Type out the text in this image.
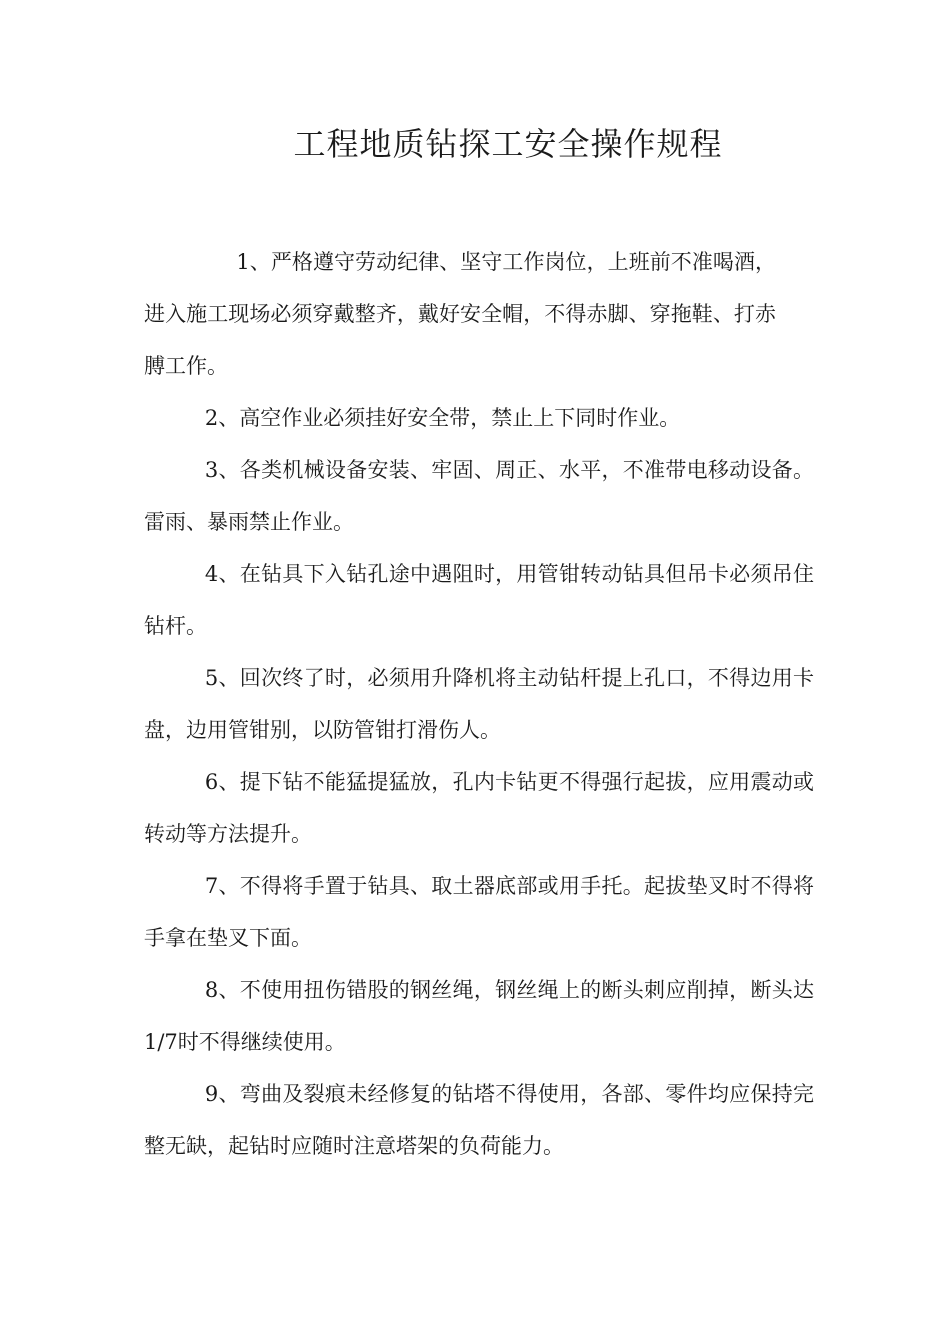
工程地质钻探工安全操作规程

1、严格遵守劳动纪律、坚守工作岗位，上班前不准喝酒，进入施工现场必须穿戴整齐，戴好安全帽，不得赤脚、穿拖鞋、打赤膊工作。

2、高空作业必须挂好安全带，禁止上下同时作业。

3、各类机械设备安装、牢固、周正、水平，不准带电移动设备。雷雨、暴雨禁止作业。

4、在钻具下入钻孔途中遇阻时，用管钳转动钻具但吊卡必须吊住钻杆。

5、回次终了时，必须用升降机将主动钻杆提上孔口，不得边用卡盘，边用管钳别，以防管钳打滑伤人。

6、提下钻不能猛提猛放，孔内卡钻更不得强行起拔，应用震动或转动等方法提升。

7、不得将手置于钻具、取土器底部或用手托。起拔垫叉时不得将手拿在垫叉下面。

8、不使用扭伤错股的钢丝绳，钢丝绳上的断头刺应削掉，断头达1/7时不得继续使用。

9、弯曲及裂痕未经修复的钻塔不得使用，各部、零件均应保持完整无缺，起钻时应随时注意塔架的负荷能力。
